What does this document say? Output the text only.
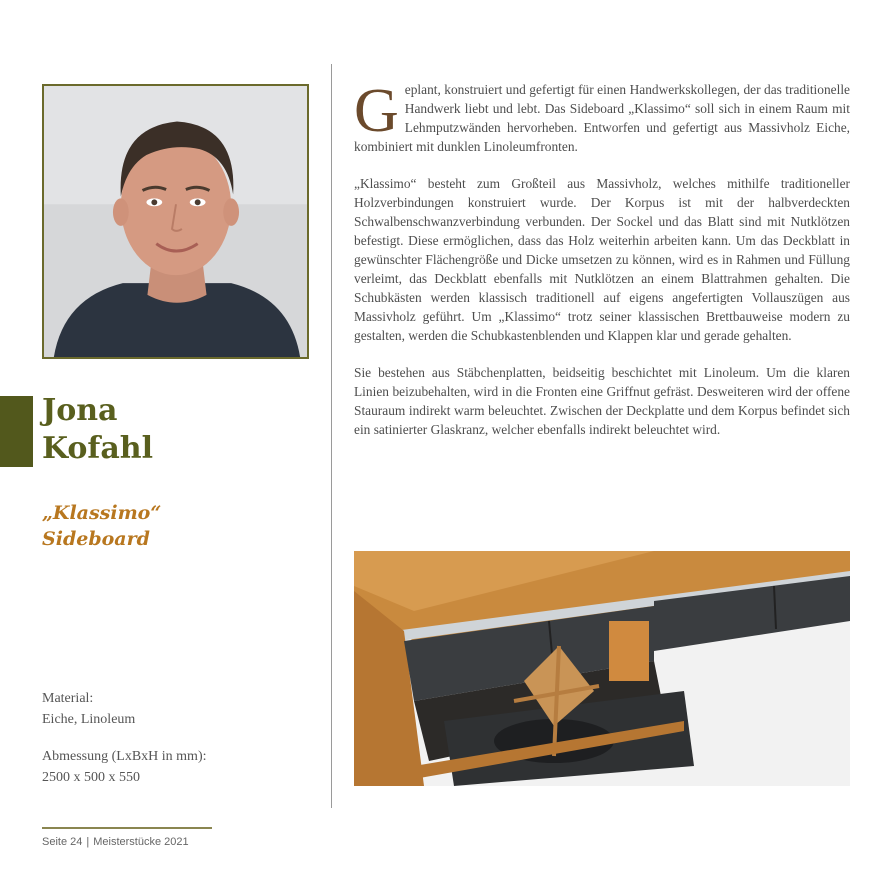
Jona
Kofahl
„Klassimo“
Sideboard
Material:
Eiche, Linoleum
Abmessung (LxBxH in mm):
2500 x 500 x 550
Seite 24 | Meisterstücke 2021

Geplant, konstruiert und gefertigt für einen Handwerkskollegen, der das traditionelle Handwerk liebt und lebt. Das Sideboard „Klassimo“ soll sich in einem Raum mit Lehmputzwänden hervorheben. Entworfen und gefertigt aus Massivholz Eiche, kombiniert mit dunklen Linoleumfronten.

„Klassimo“ besteht zum Großteil aus Massivholz, welches mithilfe traditioneller Holzverbindungen konstruiert wurde. Der Korpus ist mit der halbverdeckten Schwalbenschwanzverbindung verbunden. Der Sockel und das Blatt sind mit Nutklötzen befestigt. Diese ermöglichen, dass das Holz weiterhin arbeiten kann. Um das Deckblatt in gewünschter Flächengröße und Dicke umsetzen zu können, wird es in Rahmen und Füllung verleimt, das Deckblatt ebenfalls mit Nutklötzen an einem Blattrahmen gehalten. Die Schubkästen werden klassisch traditionell auf eigens angefertigten Vollauszügen aus Massivholz geführt. Um „Klassimo“ trotz seiner klassischen Brettbauweise modern zu gestalten, werden die Schubkastenblenden und Klappen klar und gerade gehalten.

Sie bestehen aus Stäbchenplatten, beidseitig beschichtet mit Linoleum. Um die klaren Linien beizubehalten, wird in die Fronten eine Griffnut gefräst. Desweiteren wird der offene Stauraum indirekt warm beleuchtet. Zwischen der Deckplatte und dem Korpus befindet sich ein satinierter Glaskranz, welcher ebenfalls indirekt beleuchtet wird.
